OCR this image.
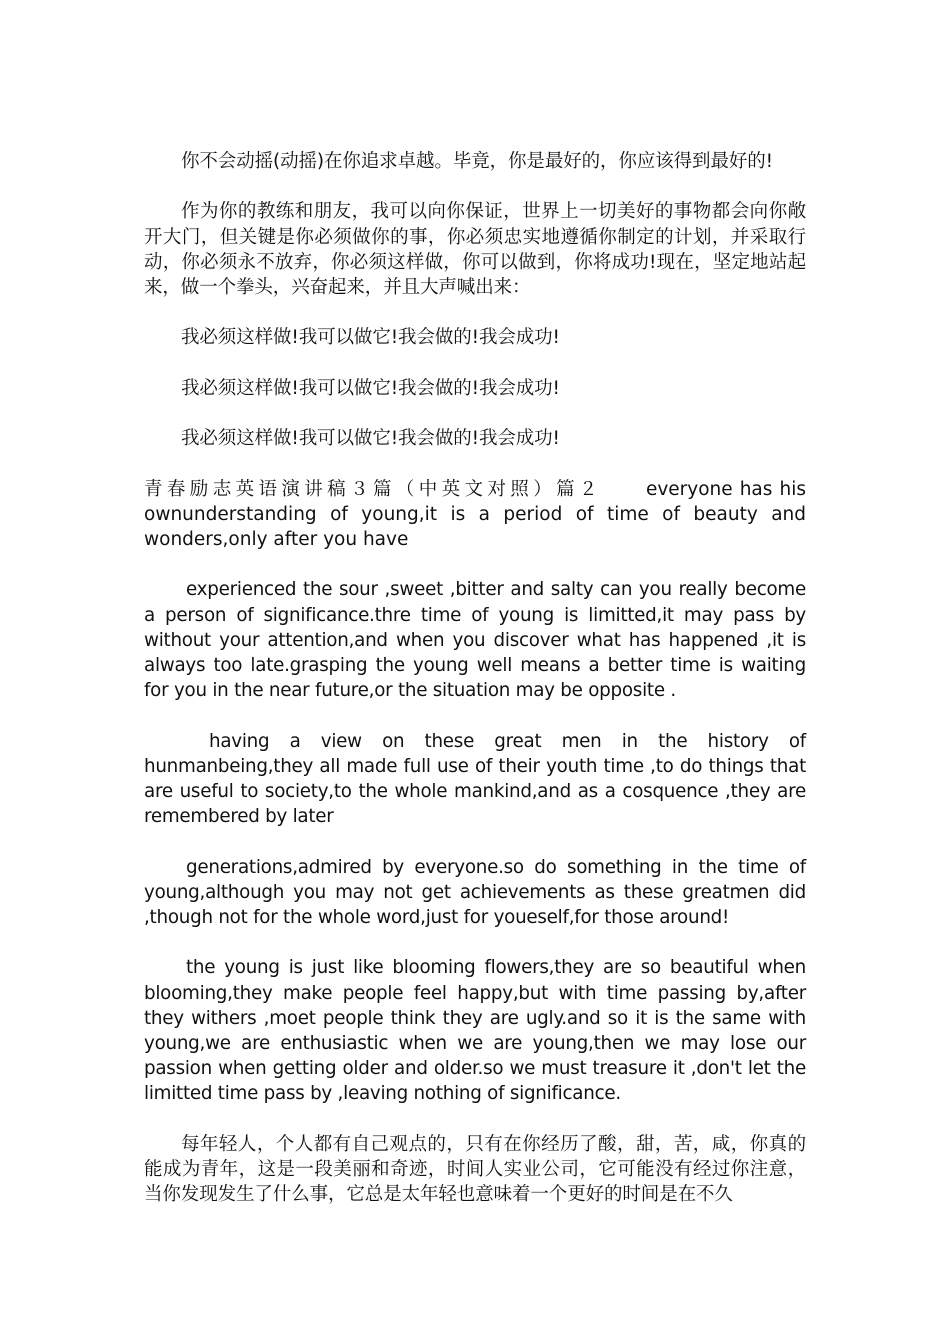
你不会动摇(动摇)在你追求卓越。毕竟，你是最好的，你应该得到最好的!

作为你的教练和朋友，我可以向你保证，世界上一切美好的事物都会向你敞开大门，但关键是你必须做你的事，你必须忠实地遵循你制定的计划，并采取行动，你必须永不放弃，你必须这样做，你可以做到，你将成功!现在，坚定地站起来，做一个拳头，兴奋起来，并且大声喊出来：

我必须这样做!我可以做它!我会做的!我会成功!

我必须这样做!我可以做它!我会做的!我会成功!

我必须这样做!我可以做它!我会做的!我会成功!

青春励志英语演讲稿３篇（中英文对照）篇２ everyone has his ownunderstanding of young,it is a period of time of beauty and wonders,only after you have

experienced the sour ,sweet ,bitter and salty can you really become a person of significance.thre time of young is limitted,it may pass by without your attention,and when you discover what has happened ,it is always too late.grasping the young well means a better time is waiting for you in the near future,or the situation may be opposite .

having a view on these great men in the history of hunmanbeing,they all made full use of their youth time ,to do things that are useful to society,to the whole mankind,and as a cosquence ,they are remembered by later

generations,admired by everyone.so do something in the time of young,although you may not get achievements as these greatmen did ,though not for the whole word,just for youeself,for those around!

the young is just like blooming flowers,they are so beautiful when blooming,they make people feel happy,but with time passing by,after they withers ,moet people think they are ugly.and so it is the same with young,we are enthusiastic when we are young,then we may lose our passion when getting older and older.so we must treasure it ,don't let the limitted time pass by ,leaving nothing of significance.

每年轻人，个人都有自己观点的，只有在你经历了酸，甜，苦，咸，你真的能成为青年，这是一段美丽和奇迹，时间人实业公司，它可能没有经过你注意，当你发现发生了什么事，它总是太年轻也意味着一个更好的时间是在不久
